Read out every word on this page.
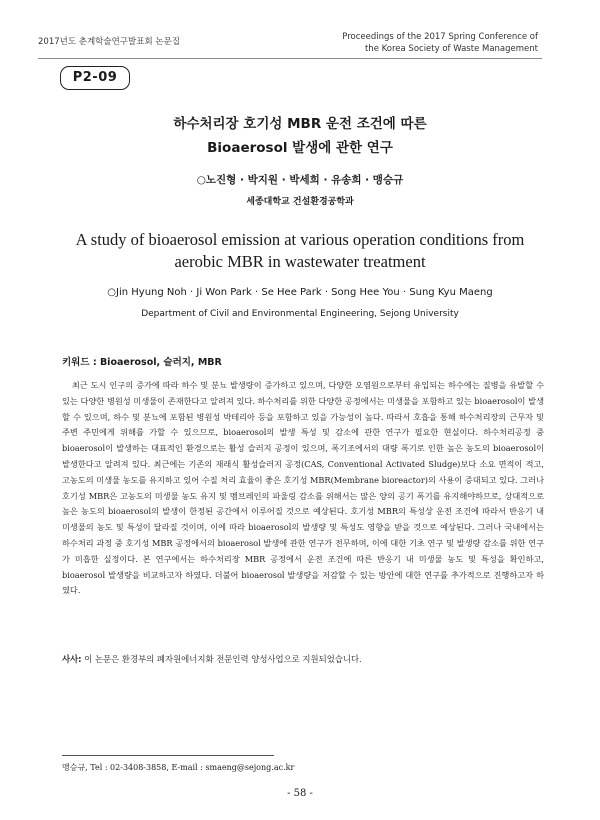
2017년도 춘계학술연구발표회 논문집	Proceedings of the 2017 Spring Conference of
the Korea Society of Waste Management
P2-09
하수처리장 호기성 MBR 운전 조건에 따른
Bioaerosol 발생에 관한 연구
○노진형 · 박지원 · 박세희 · 유송희 · 맹승규
세종대학교 건설환경공학과
A study of bioaerosol emission at various operation conditions from
aerobic MBR in wastewater treatment
○Jin Hyung Noh · Ji Won Park · Se Hee Park · Song Hee You · Sung Kyu Maeng
Department of Civil and Environmental Engineering, Sejong University
키워드 : Bioaerosol, 슬러지, MBR
최근 도시 인구의 증가에 따라 하수 및 분뇨 발생량이 증가하고 있으며, 다양한 오염원으로부터 유입되는 하수에는 질병을 유발할 수 있는 다양한 병원성 미생물이 존재한다고 알려져 있다. 하수처리를 위한 다양한 공정에서는 미생물을 포함하고 있는 bioaerosol이 발생할 수 있으며, 하수 및 분뇨에 포함된 병원성 박테리아 등을 포함하고 있을 가능성이 높다. 따라서 호흡을 통해 하수처리장의 근무자 및 주변 주민에게 위해를 가할 수 있으므로, bioaerosol의 발생 특성 및 감소에 관한 연구가 필요한 현실이다. 하수처리공정 중 bioaerosol이 발생하는 대표적인 환경으로는 활성 슬러지 공정이 있으며, 폭기조에서의 대량 폭기로 인한 높은 농도의 bioaerosol이 발생한다고 알려져 있다. 최근에는 기존의 재래식 활성슬러지 공정(CAS, Conventional Activated Sludge)보다 소요 면적이 적고, 고농도의 미생물 농도를 유지하고 있어 수질 처리 효율이 좋은 호기성 MBR(Membrane bioreactor)의 사용이 증대되고 있다. 그러나 호기성 MBR은 고농도의 미생물 농도 유지 및 멤브레인의 파울링 감소를 위해서는 많은 양의 공기 폭기를 유지해야하므로, 상대적으로 높은 농도의 bioaerosol의 발생이 한정된 공간에서 이루어질 것으로 예상된다. 호기성 MBR의 특성상 운전 조건에 따라서 반응기 내 미생물의 농도 및 특성이 달라질 것이며, 이에 따라 bioaerosol의 발생량 및 특성도 영향을 받을 것으로 예상된다. 그러나 국내에서는 하수처리 과정 중 호기성 MBR 공정에서의 bioaerosol 발생에 관한 연구가 전무하며, 이에 대한 기초 연구 및 발생량 감소를 위한 연구가 미흡한 실정이다. 본 연구에서는 하수처리장 MBR 공정에서 운전 조건에 따른 반응기 내 미생물 농도 및 특성을 확인하고, bioaerosol 발생량을 비교하고자 하였다. 더불어 bioaerosol 발생량을 저감할 수 있는 방안에 대한 연구를 추가적으로 진행하고자 하였다.
사사: 이 논문은 환경부의 폐자원에너지화 전문인력 양성사업으로 지원되었습니다.
맹승규, Tel : 02-3408-3858, E-mail : smaeng@sejong.ac.kr
- 58 -
